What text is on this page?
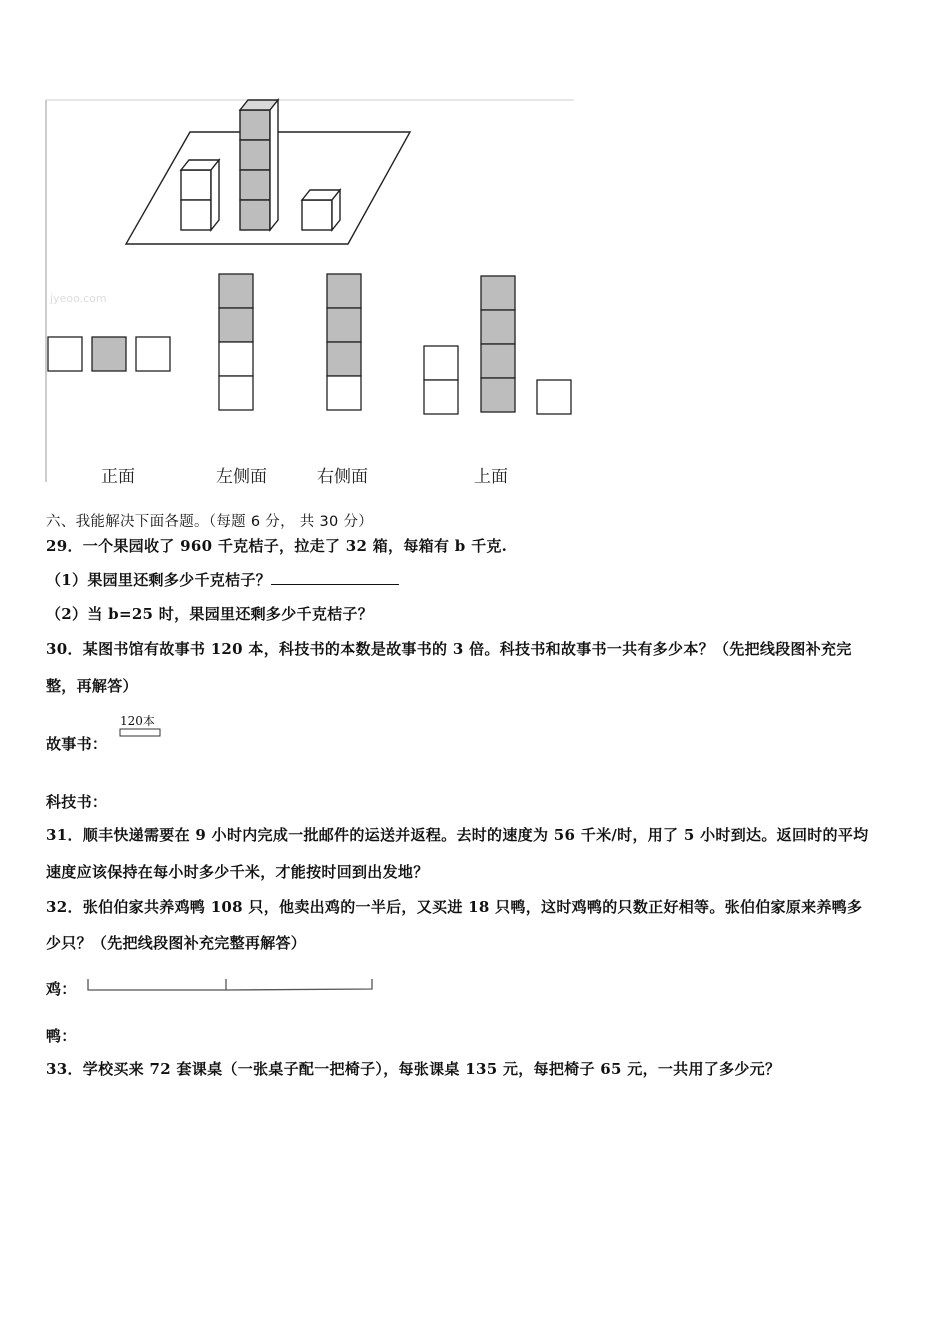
jyeoo.com
正面	左侧面	右侧面	上面
六、我能解决下面各题。（每题 6 分， 共 30 分）
29．一个果园收了 960 千克桔子，拉走了 32 箱，每箱有 b 千克.
（1）果园里还剩多少千克桔子？
（2）当 b=25 时，果园里还剩多少千克桔子？
30．某图书馆有故事书 120 本，科技书的本数是故事书的 3 倍。科技书和故事书一共有多少本？（先把线段图补充完
整，再解答）
故事书：
120本
科技书：
31．顺丰快递需要在 9 小时内完成一批邮件的运送并返程。去时的速度为 56 千米/时，用了 5 小时到达。返回时的平均
速度应该保持在每小时多少千米，才能按时回到出发地？
32．张伯伯家共养鸡鸭 108 只，他卖出鸡的一半后，又买进 18 只鸭，这时鸡鸭的只数正好相等。张伯伯家原来养鸭多
少只？（先把线段图补充完整再解答）
鸡：
鸭：
33．学校买来 72 套课桌（一张桌子配一把椅子），每张课桌 135 元，每把椅子 65 元，一共用了多少元？
